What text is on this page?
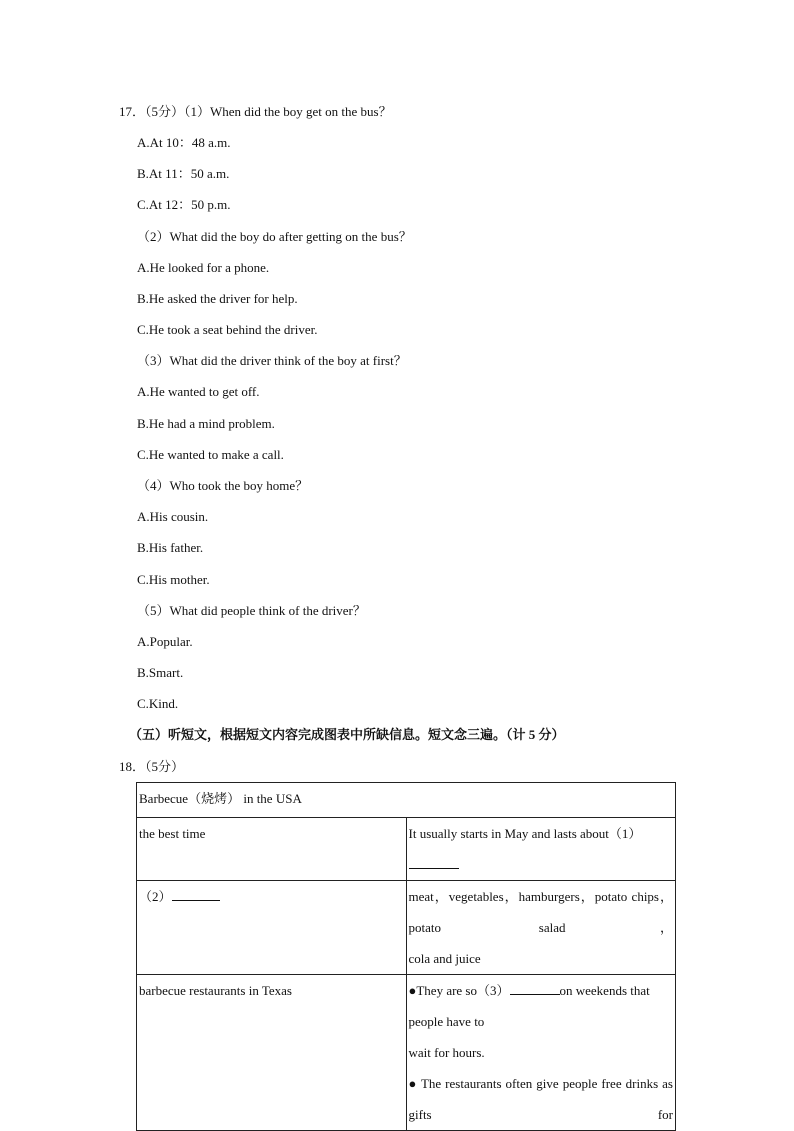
17．（5分）（1）When did the boy get on the bus？
A.At 10：48 a.m.
B.At 11：50 a.m.
C.At 12：50 p.m.
（2）What did the boy do after getting on the bus？
A.He looked for a phone.
B.He asked the driver for help.
C.He took a seat behind the driver.
（3）What did the driver think of the boy at first？
A.He wanted to get off.
B.He had a mind problem.
C.He wanted to make a call.
（4）Who took the boy home？
A.His cousin.
B.His father.
C.His mother.
（5）What did people think of the driver？
A.Popular.
B.Smart.
C.Kind.
（五）听短文，根据短文内容完成图表中所缺信息。短文念三遍。（计 5 分）
18．（5分）
Barbecue（烧烤） in the USA	
the best time	It usually starts in May and lasts about（1）
（2）	meat，vegetables，hamburgers，potato chips，potato salad，
cola and juice

barbecue restaurants in Texas	●They are so（3） on weekends that people have to
wait for hours.
● The restaurants often give people free drinks as gifts for
